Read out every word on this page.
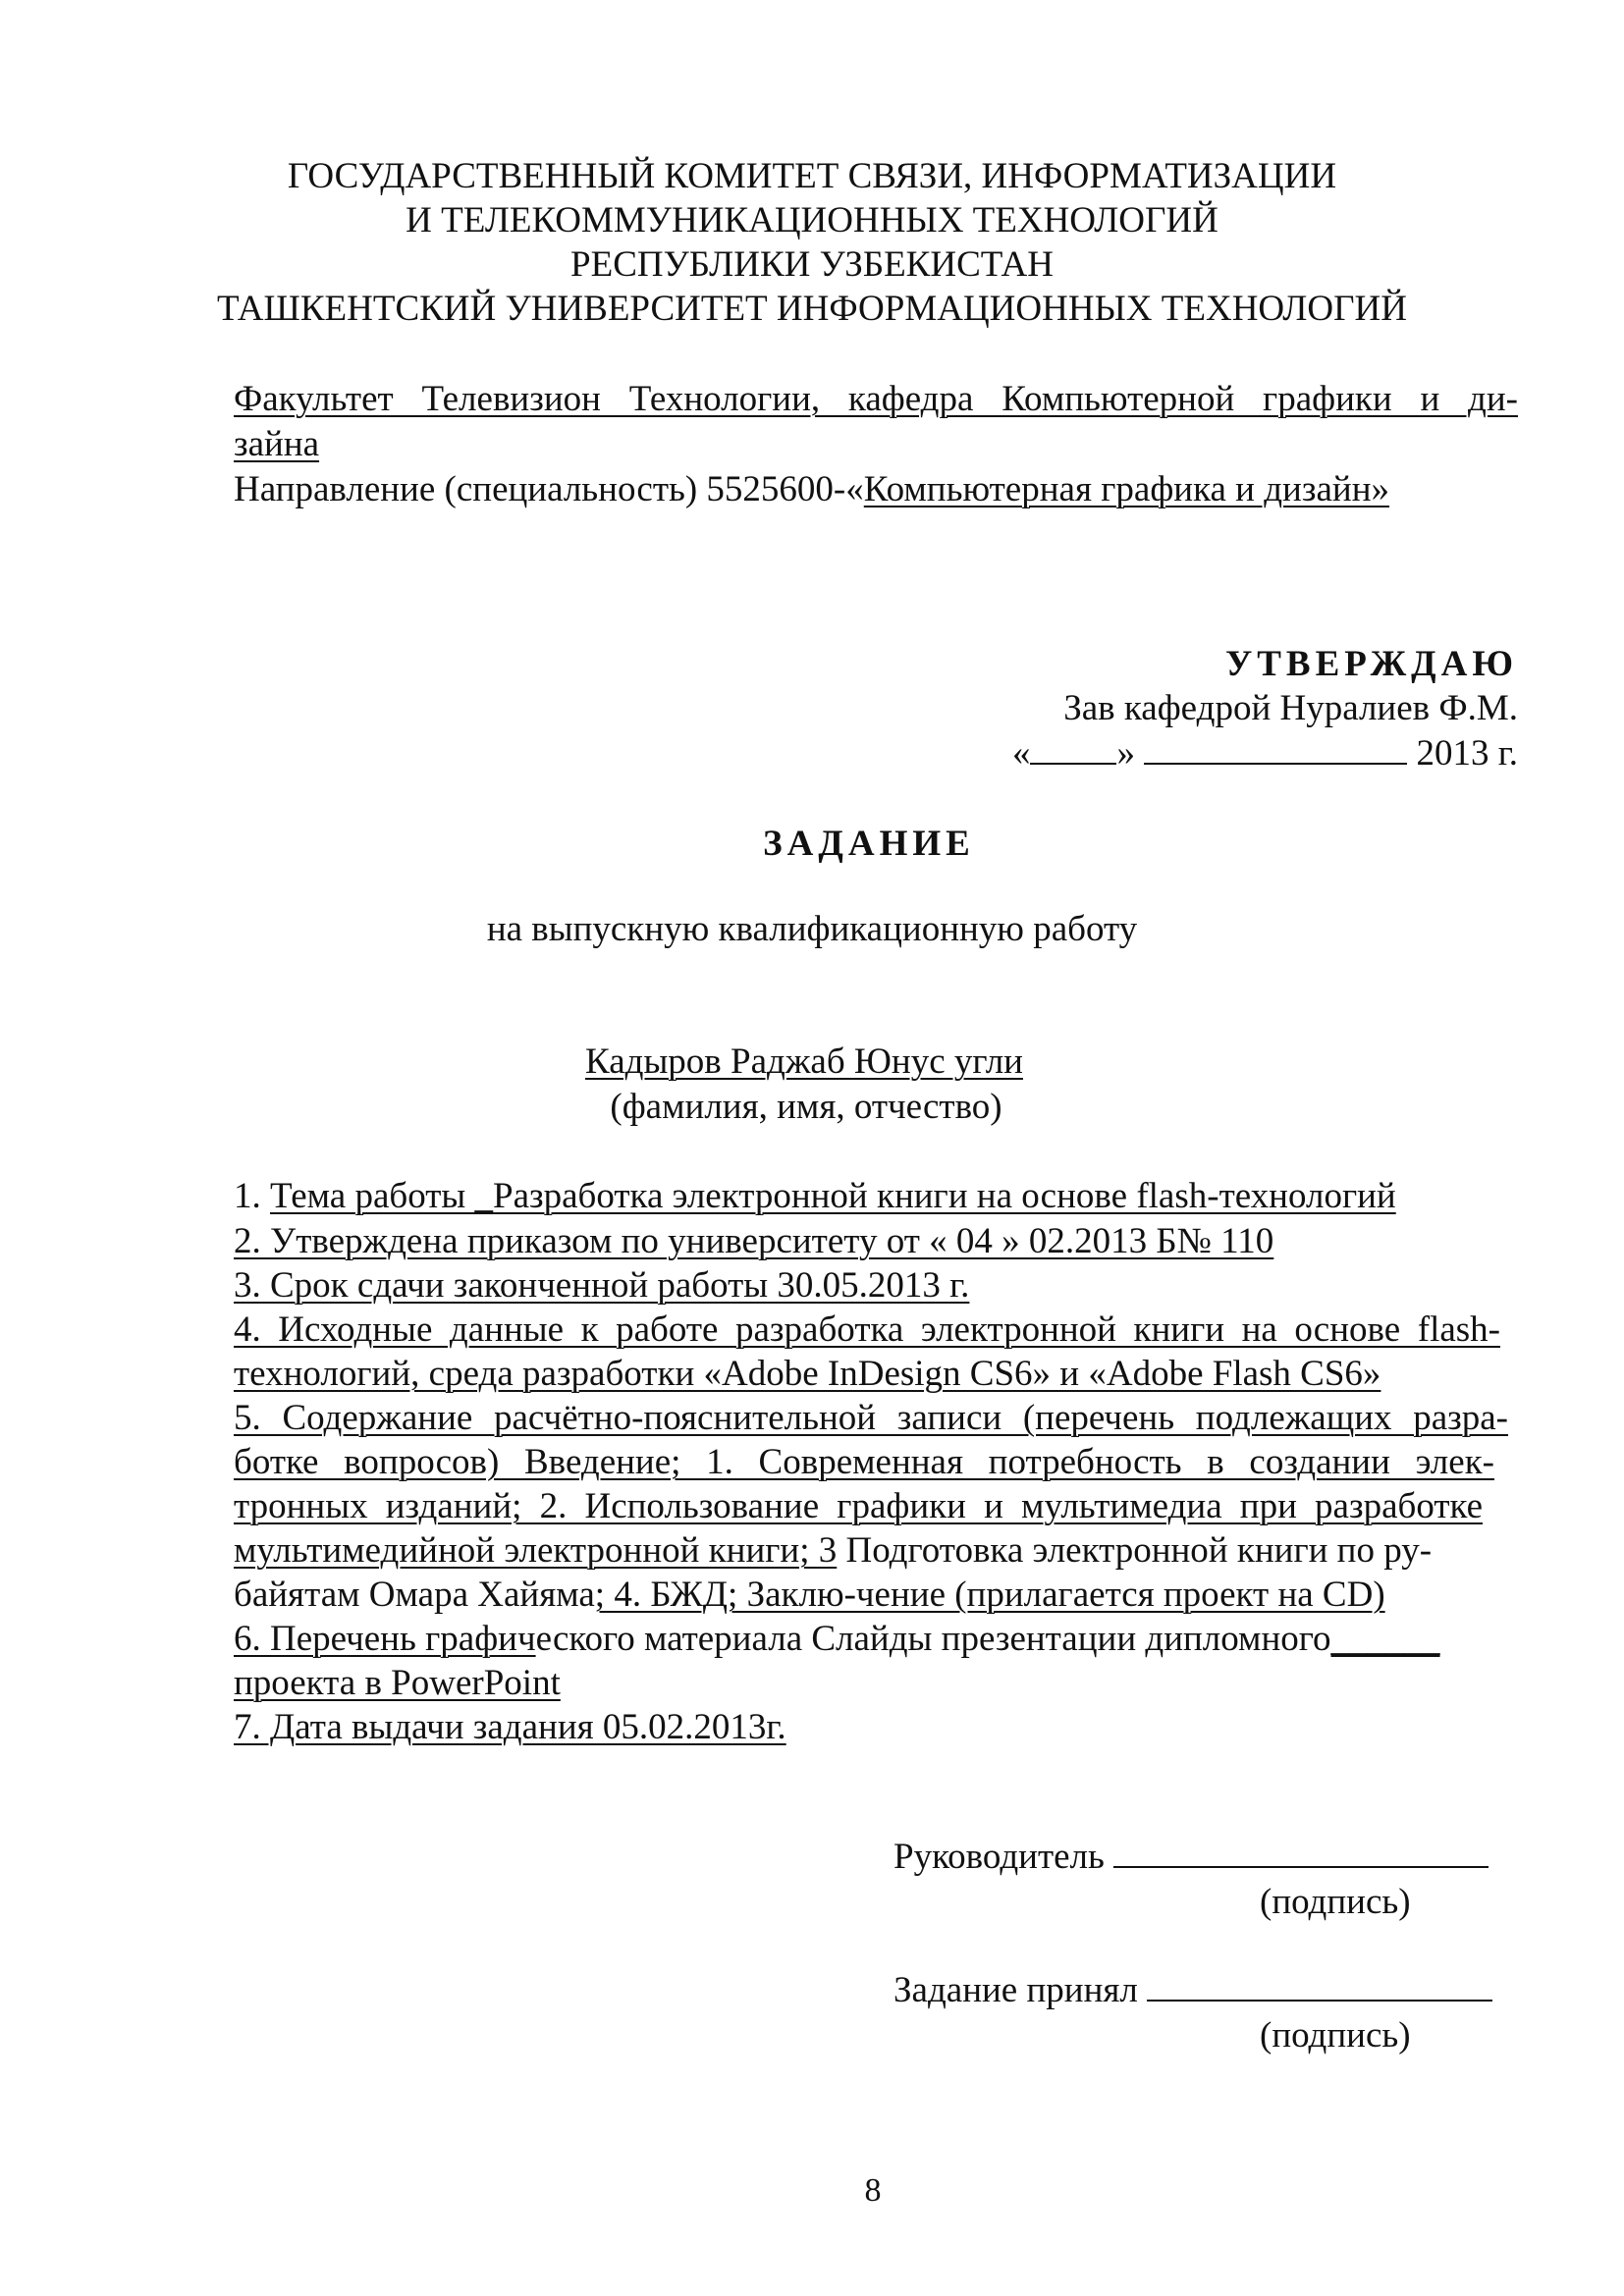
ГОСУДАРСТВЕННЫЙ КОМИТЕТ СВЯЗИ, ИНФОРМАТИЗАЦИИ
И ТЕЛЕКОММУНИКАЦИОННЫХ ТЕХНОЛОГИЙ
РЕСПУБЛИКИ УЗБЕКИСТАН
ТАШКЕНТСКИЙ УНИВЕРСИТЕТ ИНФОРМАЦИОННЫХ ТЕХНОЛОГИЙ
Факультет Телевизион Технологии, кафедра Компьютерной графики и ди-
зайна
Направление (специальность) 5525600-«Компьютерная графика и дизайн»
УТВЕРЖДАЮ
Зав кафедрой Нуралиев Ф.М.
« »	2013 г.
ЗАДАНИЕ
на выпускную квалификационную работу
Кадыров Раджаб Юнус угли
(фамилия, имя, отчество)
1. Тема работы _Разработка электронной книги на основе flash-технологий
2. Утверждена приказом по университету от « 04 » 02.2013 Б№ 110
3. Срок сдачи законченной работы 30.05.2013 г.
4. Исходные данные к работе разработка электронной книги на основе flash-
технологий, среда разработки «Adobe InDesign CS6» и «Adobe Flash CS6»
5. Содержание расчётно-пояснительной записи (перечень подлежащих разра-
ботке вопросов) Введение; 1. Современная потребность в создании элек-
тронных изданий; 2. Использование графики и мультимедиа при разработке
мультимедийной электронной книги; 3 Подготовка электронной книги по ру-
байятам Омара Хайяма; 4. БЖД; Заклю-чение (прилагается проект на CD)
6. Перечень графического материала Слайды презентации дипломного______
проекта в PowerPoint
7. Дата выдачи задания 05.02.2013г.
Руководитель
(подпись)
Задание принял
(подпись)
8
